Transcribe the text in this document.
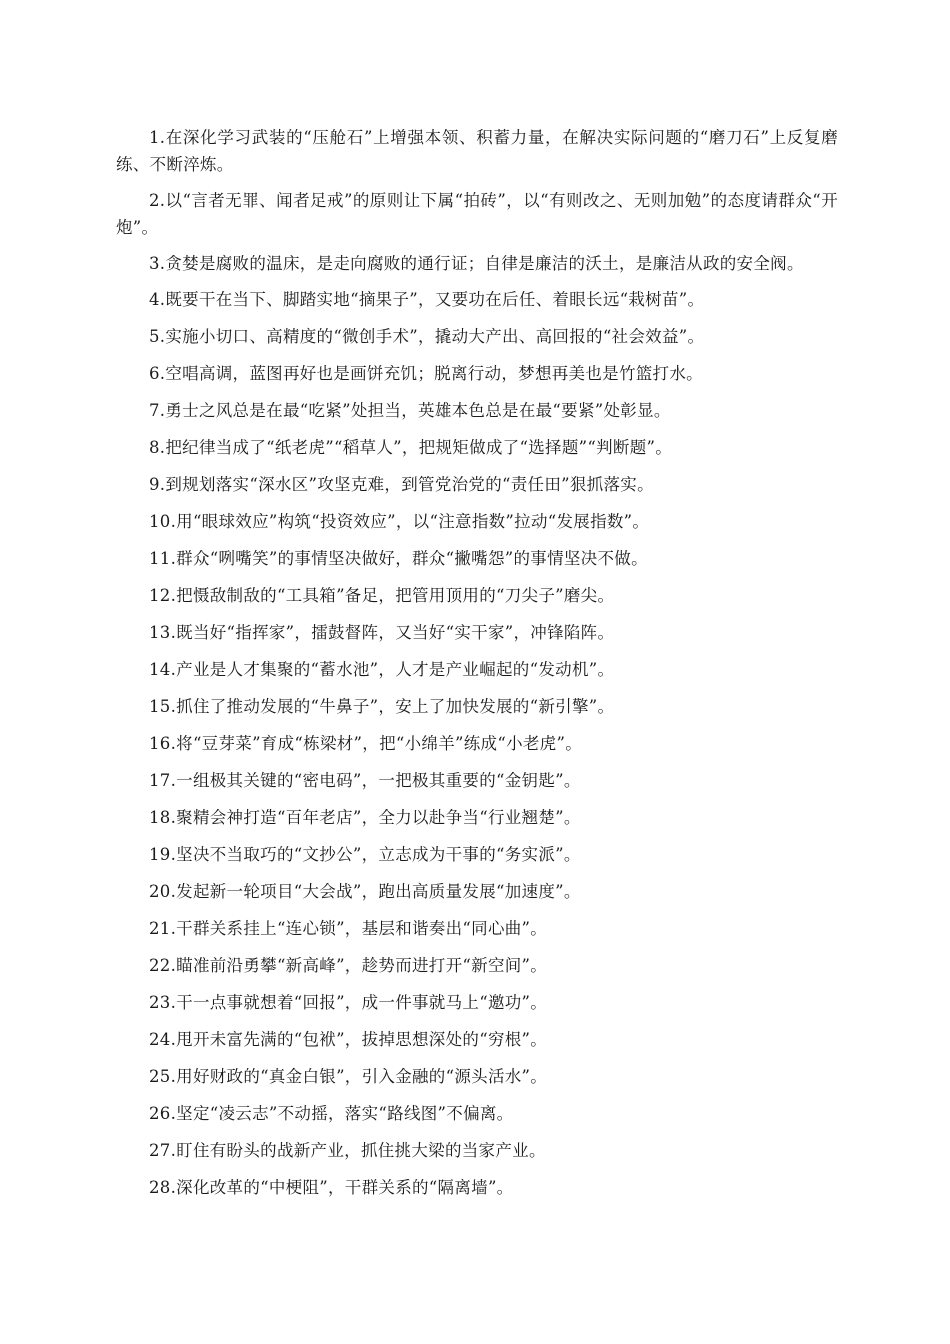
1.在深化学习武装的“压舱石”上增强本领、积蓄力量，在解决实际问题的“磨刀石”上反复磨练、不断淬炼。

2.以“言者无罪、闻者足戒”的原则让下属“拍砖”，以“有则改之、无则加勉”的态度请群众“开炮”。

3.贪婪是腐败的温床，是走向腐败的通行证；自律是廉洁的沃土，是廉洁从政的安全阀。

4.既要干在当下、脚踏实地“摘果子”，又要功在后任、着眼长远“栽树苗”。

5.实施小切口、高精度的“微创手术”，撬动大产出、高回报的“社会效益”。

6.空唱高调，蓝图再好也是画饼充饥；脱离行动，梦想再美也是竹篮打水。

7.勇士之风总是在最“吃紧”处担当，英雄本色总是在最“要紧”处彰显。

8.把纪律当成了“纸老虎”“稻草人”，把规矩做成了“选择题”“判断题”。

9.到规划落实“深水区”攻坚克难，到管党治党的“责任田”狠抓落实。

10.用“眼球效应”构筑“投资效应”，以“注意指数”拉动“发展指数”。

11.群众“咧嘴笑”的事情坚决做好，群众“撇嘴怨”的事情坚决不做。

12.把慑敌制敌的“工具箱”备足，把管用顶用的“刀尖子”磨尖。

13.既当好“指挥家”，擂鼓督阵，又当好“实干家”，冲锋陷阵。

14.产业是人才集聚的“蓄水池”，人才是产业崛起的“发动机”。

15.抓住了推动发展的“牛鼻子”，安上了加快发展的“新引擎”。

16.将“豆芽菜”育成“栋梁材”，把“小绵羊”练成“小老虎”。

17.一组极其关键的“密电码”，一把极其重要的“金钥匙”。

18.聚精会神打造“百年老店”，全力以赴争当“行业翘楚”。

19.坚决不当取巧的“文抄公”，立志成为干事的“务实派”。

20.发起新一轮项目“大会战”，跑出高质量发展“加速度”。

21.干群关系挂上“连心锁”，基层和谐奏出“同心曲”。

22.瞄准前沿勇攀“新高峰”，趁势而进打开“新空间”。

23.干一点事就想着“回报”，成一件事就马上“邀功”。

24.甩开未富先满的“包袱”，拔掉思想深处的“穷根”。

25.用好财政的“真金白银”，引入金融的“源头活水”。

26.坚定“凌云志”不动摇，落实“路线图”不偏离。

27.盯住有盼头的战新产业，抓住挑大梁的当家产业。

28.深化改革的“中梗阻”，干群关系的“隔离墙”。
